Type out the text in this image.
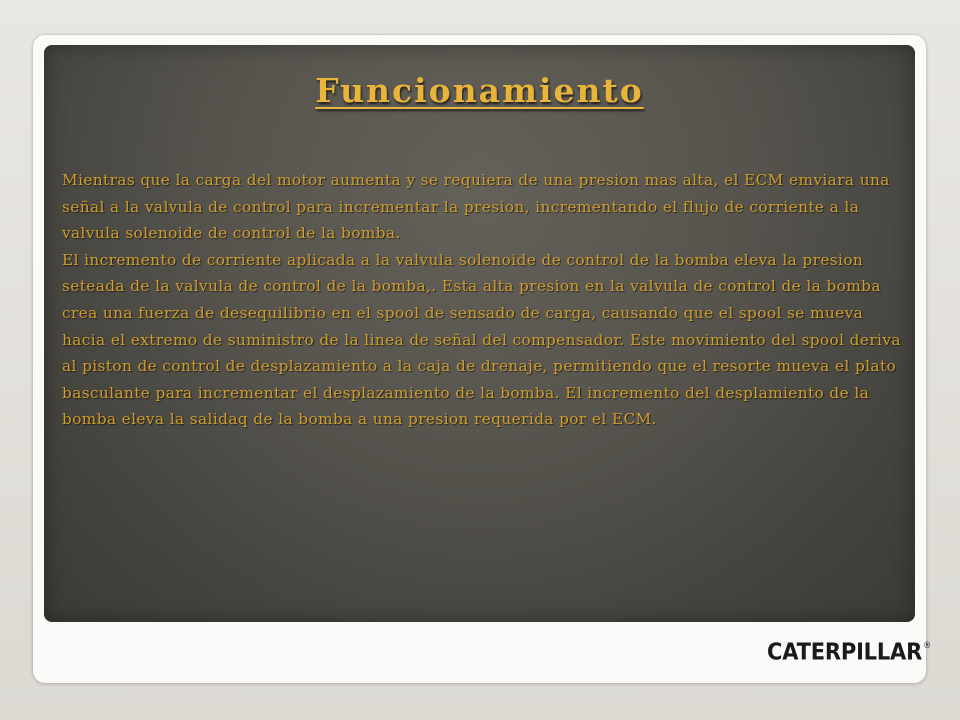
Funcionamiento

Mientras que la carga del motor aumenta y se requiera de una presion mas alta, el ECM emviara una señal a la valvula de control para incrementar la presion, incrementando el flujo de corriente a la valvula solenoide de control de la bomba.

El incremento de corriente aplicada a la valvula solenoide de control de la bomba eleva la presion seteada de la valvula de control de la bomba,. Esta alta presion en la valvula de control de la bomba crea una fuerza de desequilibrio en el spool de sensado de carga, causando que el spool se mueva hacia el extremo de suministro de la linea de señal del compensador. Este movimiento del spool deriva al piston de control de desplazamiento a la caja de drenaje, permitiendo que el resorte mueva el plato basculante para incrementar el desplazamiento de la bomba. El incremento del desplamiento de la bomba eleva la salidaq de la bomba a una presion requerida por el ECM.

CATERPILLAR ®
